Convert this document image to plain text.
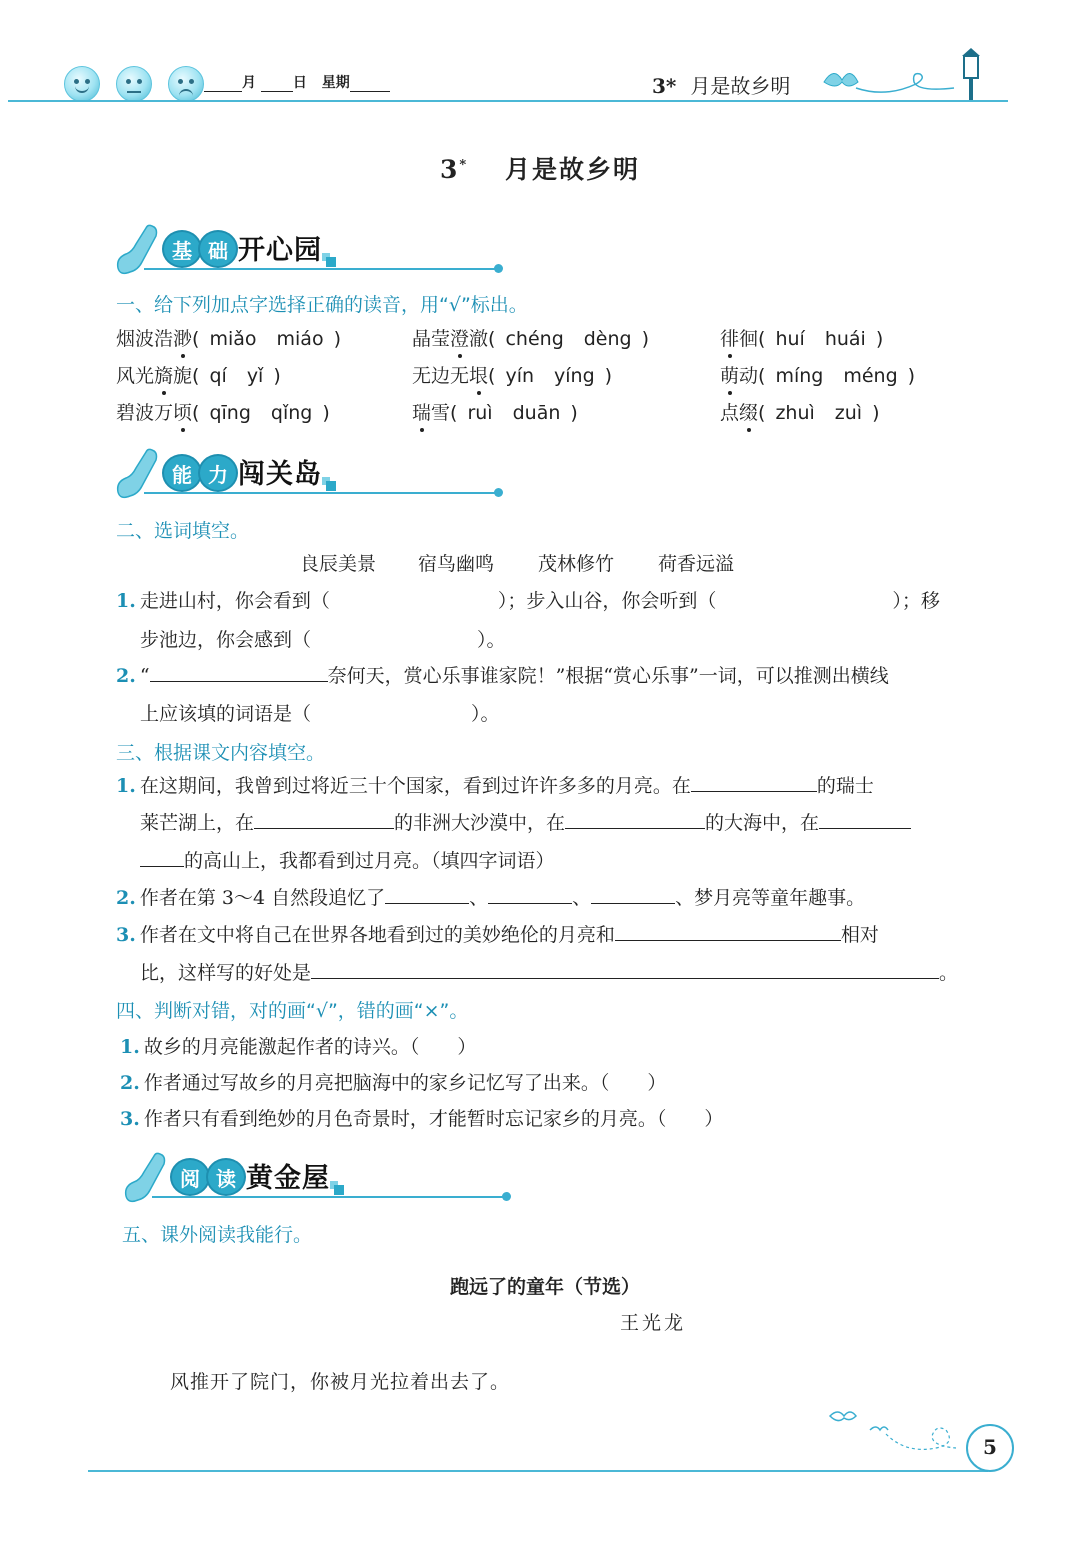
月	日 星期	3* 月是故乡明
3* 月是故乡明
基 础 开心园
一、给下列加点字选择正确的读音，用“√”标出。
烟波浩渺( miǎo miáo )	晶莹澄澈( chéng dèng )	徘徊( huí huái )
风光旖旎( qí yǐ )	无边无垠( yín yíng )	萌动( míng méng )
碧波万顷( qīng qǐng )	瑞雪( ruì duān )	点缀( zhuì zuì )
能 力 闯关岛
二、选词填空。
良辰美景 宿鸟幽鸣 茂林修竹 荷香远溢
1. 走进山村，你会看到（	）；步入山谷，你会听到（	）；移
步池边，你会感到（	）。
2. “	奈何天，赏心乐事谁家院！”根据“赏心乐事”一词，可以推测出横线
上应该填的词语是（	）。
三、根据课文内容填空。
1. 在这期间，我曾到过将近三十个国家，看到过许许多多的月亮。在	的瑞士
莱芒湖上，在	的非洲大沙漠中，在	的大海中，在
的高山上，我都看到过月亮。（填四字词语）
2. 作者在第 3～4 自然段追忆了	、	、	、梦月亮等童年趣事。
3. 作者在文中将自己在世界各地看到过的美妙绝伦的月亮和	相对
比，这样写的好处是	。
四、判断对错，对的画“√”，错的画“×”。
1. 故乡的月亮能激起作者的诗兴。（　　）
2. 作者通过写故乡的月亮把脑海中的家乡记忆写了出来。（　　）
3. 作者只有看到绝妙的月色奇景时，才能暂时忘记家乡的月亮。（　　）
阅 读 黄金屋
五、课外阅读我能行。
跑远了的童年（节选）
王光龙
风推开了院门，你被月光拉着出去了。
5
